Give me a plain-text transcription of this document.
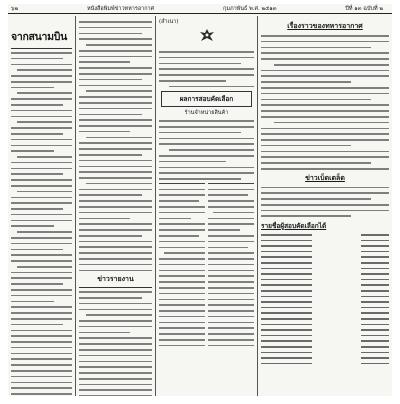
๖๒	หนังสือพิมพ์ข่าวทหารอากาศ	กุมภาพันธ์ พ.ศ. ๒๕๑๓	ปีที่ ๑๓ ฉบับที่ ๒
จากสนามบิน
ข่าวรายงาน
(สำเนา)
ผลการสอบคัดเลือก
ร้านจำหน่ายสินค้า
เรื่องราวของทหารอากาศ
ข่าวเบ็ดเตล็ด
รายชื่อผู้สอบคัดเลือกได้
